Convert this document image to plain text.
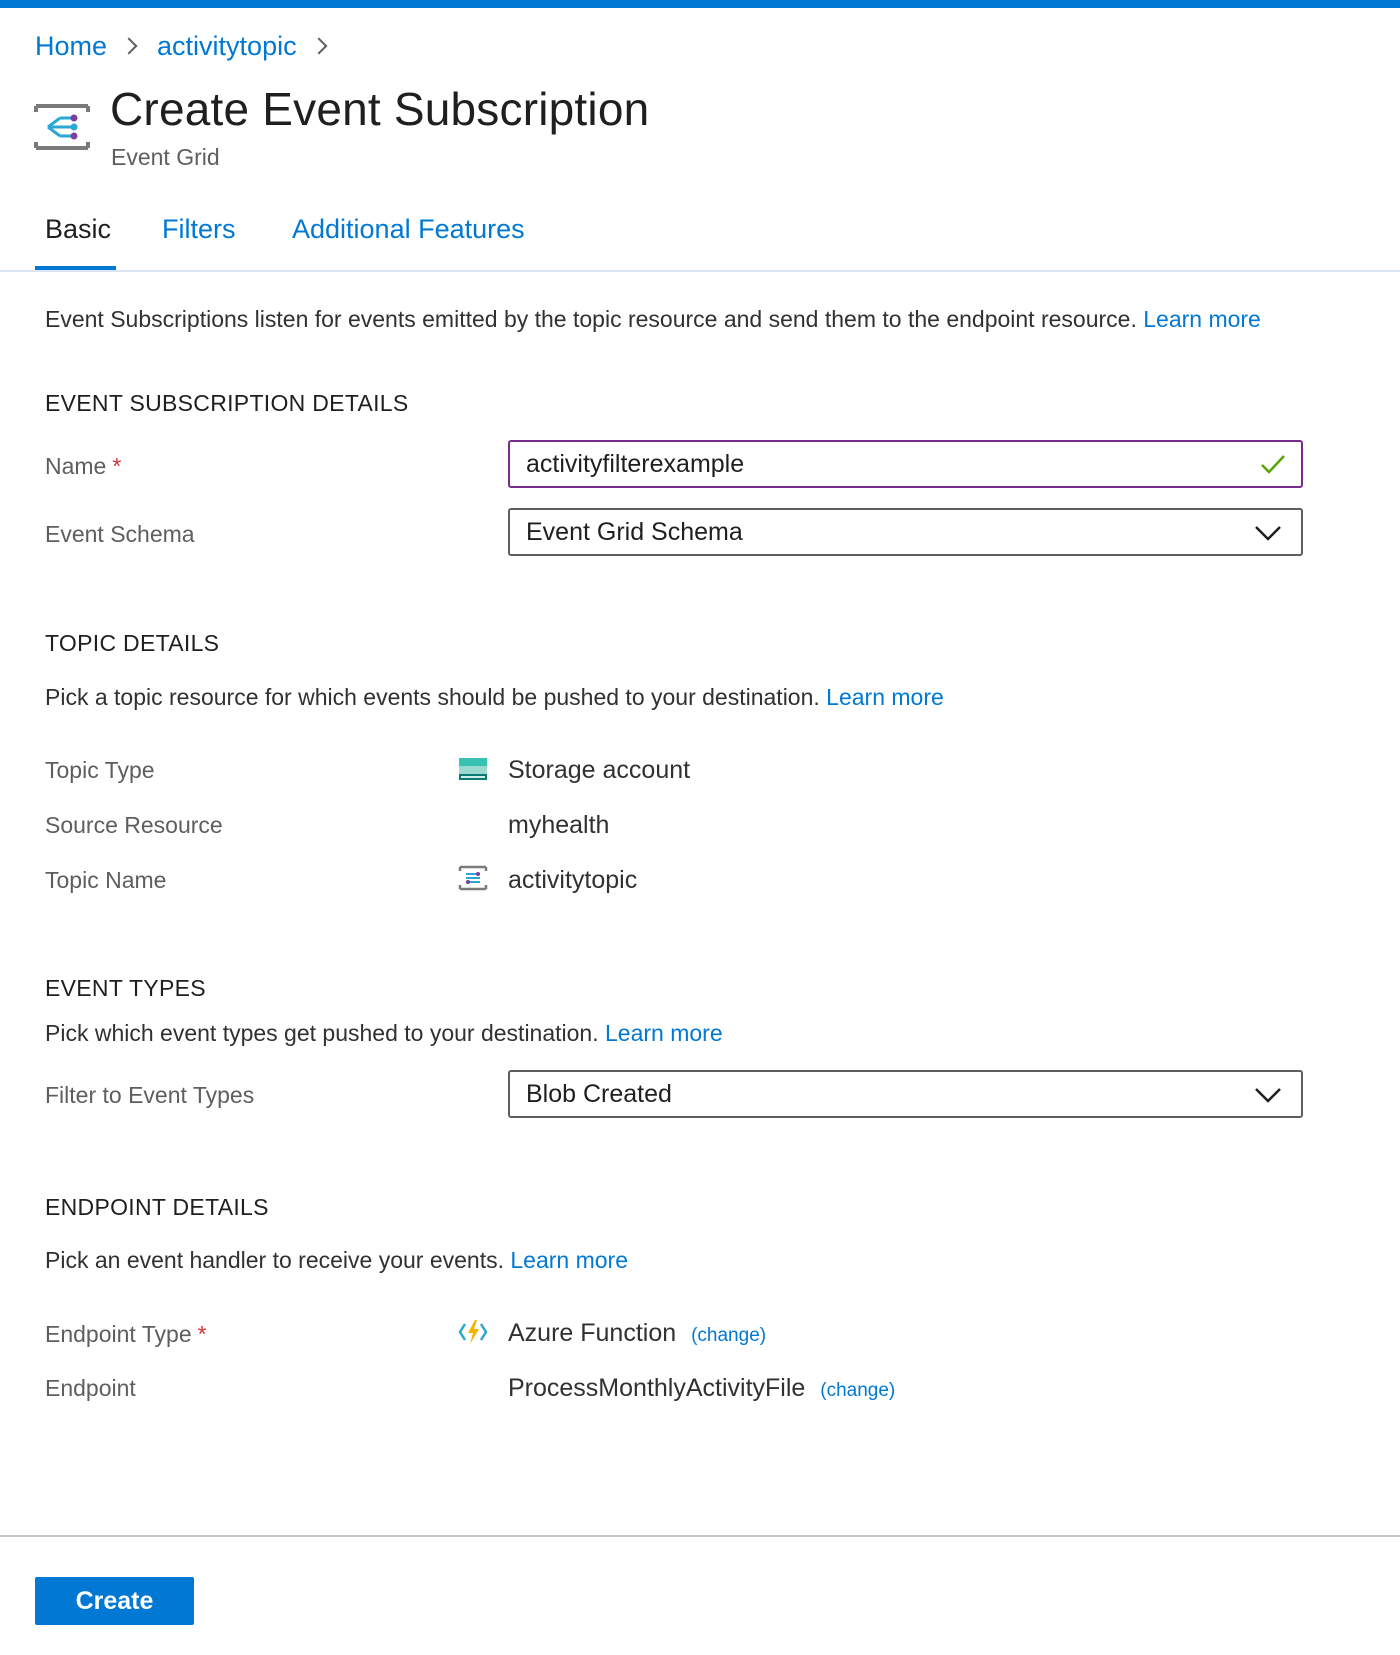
Home activitytopic
Create Event Subscription
Event Grid
Basic Filters Additional Features
Event Subscriptions listen for events emitted by the topic resource and send them to the endpoint resource. Learn more
EVENT SUBSCRIPTION DETAILS
Name *	activityfilterexample
Event Schema	Event Grid Schema
TOPIC DETAILS
Pick a topic resource for which events should be pushed to your destination. Learn more
Topic Type	Storage account
Source Resource	myhealth
Topic Name	activitytopic
EVENT TYPES
Pick which event types get pushed to your destination. Learn more
Filter to Event Types	Blob Created
ENDPOINT DETAILS
Pick an event handler to receive your events. Learn more
Endpoint Type *	Azure Function (change)
Endpoint	ProcessMonthlyActivityFile (change)
Create
